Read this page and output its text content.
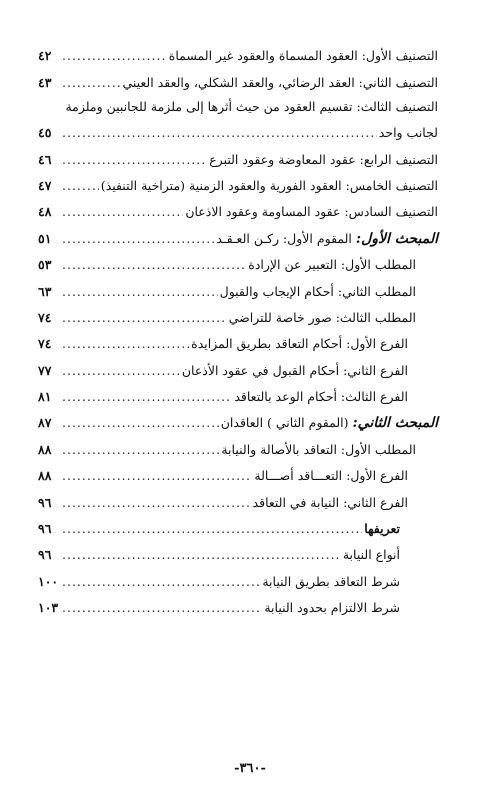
التصنيف الأول: العقود المسماة والعقود غير المسماة
.....
٤٢
التصنيف الثاني: العقد الرضائي، والعقد الشكلي، والعقد العيني
.....
٤٣
التصنيف الثالث: تقسيم العقود من حيث أثرها إلى ملزمة للجانبين وملزمة
لجانب واحد
.....
٤٥
التصنيف الرابع: عقود المعاوضة وعقود التبرع
.....
٤٦
التصنيف الخامس: العقود الفورية والعقود الزمنية (متراخية التنفيذ)
.....
٤٧
التصنيف السادس: عقود المساومة وعقود الاذعان
.....
٤٨
المبحث الأول: المقوم الأول: ركـن العـقـد
.....
٥١
المطلب الأول: التعبير عن الإرادة
.....
٥٣
المطلب الثاني: أحكام الإيجاب والقبول
.....
٦٣
المطلب الثالث: صور خاصة للتراضي
.....
٧٤
الفرع الأول: أحكام التعاقد بطريق المزايدة
.....
٧٤
الفرع الثاني: أحكام القبول في عقود الأذعان
.....
٧٧
الفرع الثالث: أحكام الوعد بالتعاقد
.....
٨١
المبحث الثاني: (المقوم الثاني ) العاقدان
.....
٨٧
المطلب الأول: التعاقد بالأصالة والنيابة
.....
٨٨
الفرع الأول: التعـــاقد أصـــالة
.....
٨٨
الفرع الثاني: النيابة في التعاقد
.....
٩٦
تعريفها
.....
٩٦
أنواع النيابة
.....
٩٦
شرط التعاقد بطريق النيابة
.....
١٠٠
شرط الالتزام بحدود النيابة
.....
١٠٣
-٣٦٠-
